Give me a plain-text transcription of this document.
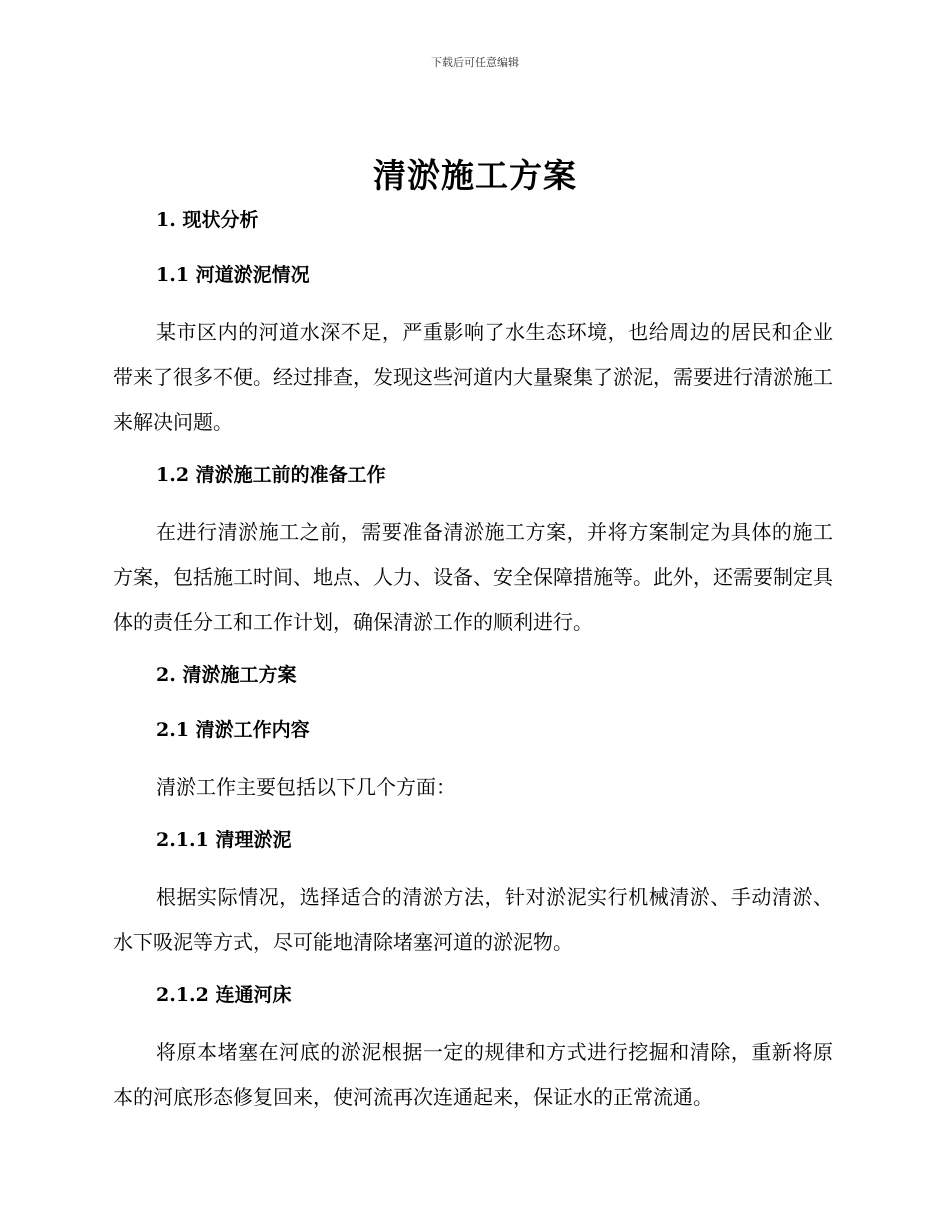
下载后可任意编辑
清淤施工方案
1. 现状分析
1.1 河道淤泥情况

某市区内的河道水深不足，严重影响了水生态环境，也给周边的居民和企业带来了很多不便。经过排查，发现这些河道内大量聚集了淤泥，需要进行清淤施工来解决问题。

1.2 清淤施工前的准备工作

在进行清淤施工之前，需要准备清淤施工方案，并将方案制定为具体的施工方案，包括施工时间、地点、人力、设备、安全保障措施等。此外，还需要制定具体的责任分工和工作计划，确保清淤工作的顺利进行。

2. 清淤施工方案
2.1 清淤工作内容

清淤工作主要包括以下几个方面：

2.1.1 清理淤泥

根据实际情况，选择适合的清淤方法，针对淤泥实行机械清淤、手动清淤、水下吸泥等方式，尽可能地清除堵塞河道的淤泥物。

2.1.2 连通河床

将原本堵塞在河底的淤泥根据一定的规律和方式进行挖掘和清除，重新将原本的河底形态修复回来，使河流再次连通起来，保证水的正常流通。
